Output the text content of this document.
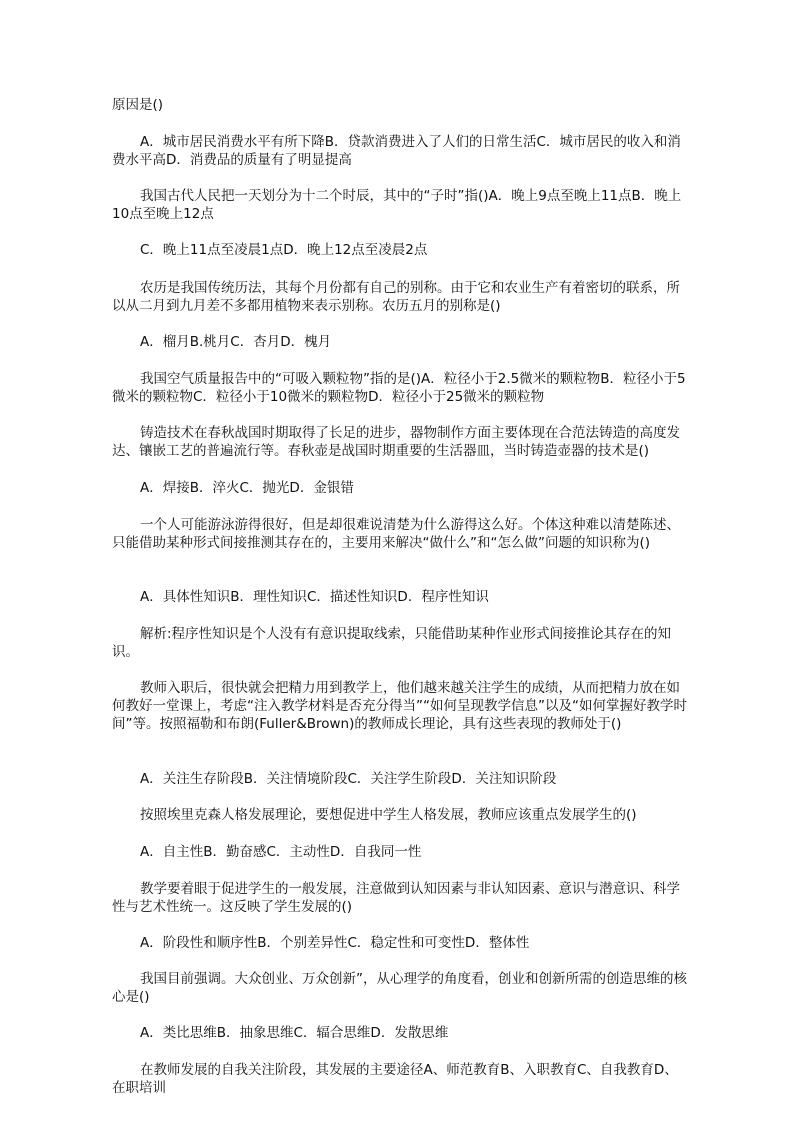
原因是()

A．城市居民消费水平有所下降B．贷款消费进入了人们的日常生活C．城市居民的收入和消费水平高D．消费品的质量有了明显提高

我国古代人民把一天划分为十二个时辰，其中的“子时”指()A．晚上9点至晚上11点B．晚上10点至晚上12点

C．晚上11点至凌晨1点D．晚上12点至凌晨2点

农历是我国传统历法，其每个月份都有自己的别称。由于它和农业生产有着密切的联系，所以从二月到九月差不多都用植物来表示别称。农历五月的别称是()

A．榴月B.桃月C．杏月D．槐月

我国空气质量报告中的“可吸入颗粒物”指的是()A．粒径小于2.5微米的颗粒物B．粒径小于5微米的颗粒物C．粒径小于10微米的颗粒物D．粒径小于25微米的颗粒物

铸造技术在春秋战国时期取得了长足的进步，器物制作方面主要体现在合范法铸造的高度发达、镶嵌工艺的普遍流行等。春秋壶是战国时期重要的生活器皿，当时铸造壶器的技术是()

A．焊接B．淬火C．抛光D．金银错

一个人可能游泳游得很好，但是却很难说清楚为什么游得这么好。个体这种难以清楚陈述、只能借助某种形式间接推测其存在的，主要用来解决“做什么”和“怎么做”问题的知识称为()

A．具体性知识B．理性知识C．描述性知识D．程序性知识

解析:程序性知识是个人没有有意识提取线索，只能借助某种作业形式间接推论其存在的知识。

教师入职后，很快就会把精力用到教学上，他们越来越关注学生的成绩，从而把精力放在如何教好一堂课上，考虑“注入教学材料是否充分得当”“如何呈现教学信息”以及“如何掌握好教学时间”等。按照福勒和布朗(Fuller&Brown)的教师成长理论，具有这些表现的教师处于()

A．关注生存阶段B．关注情境阶段C．关注学生阶段D．关注知识阶段

按照埃里克森人格发展理论，要想促进中学生人格发展，教师应该重点发展学生的()

A．自主性B．勤奋感C．主动性D．自我同一性

教学要着眼于促进学生的一般发展，注意做到认知因素与非认知因素、意识与潜意识、科学性与艺术性统一。这反映了学生发展的()

A．阶段性和顺序性B．个别差异性C．稳定性和可变性D．整体性

我国目前强调。大众创业、万众创新”，从心理学的角度看，创业和创新所需的创造思维的核心是()

A．类比思维B．抽象思维C．辐合思维D．发散思维

在教师发展的自我关注阶段，其发展的主要途径A、师范教育B、入职教育C、自我教育D、在职培训
